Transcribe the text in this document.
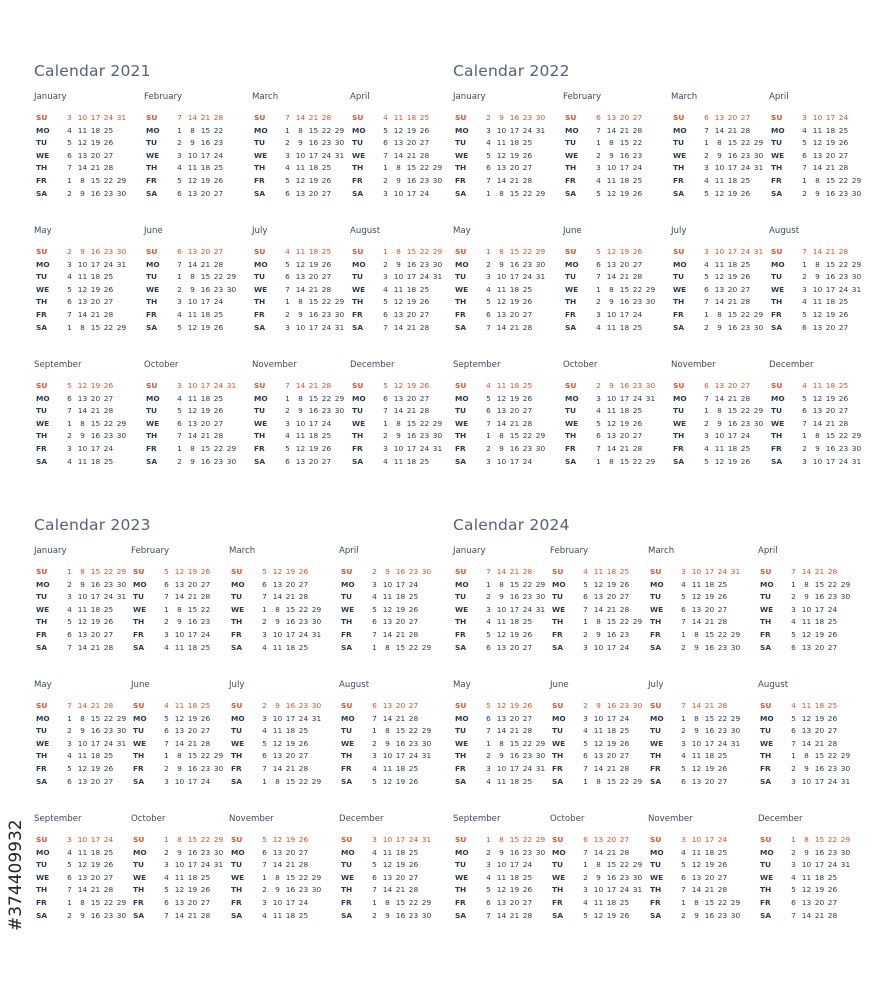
Calendar 2021
January
SU	3 10 17 24 31
MO 4 11 18 25
TU	5 12 19 26
WE 6 13 20 27
TH	7 14 21 28
FR	1 8 15 22 29
SA	2 9 16 23 30
February
SU	7 14 21 28
MO 1 8 15 22
TU	2 9 16 23
WE 3 10 17 24
TH	4 11 18 25
FR	5 12 19 26
SA	6 13 20 27
March
SU	7 14 21 28
MO 1 8 15 22 29
TU	2 9 16 23 30
WE 3 10 17 24 31
TH	4 11 18 25
FR	5 12 19 26
SA	6 13 20 27
April
SU	4 11 18 25
MO 5 12 19 26
TU	6 13 20 27
WE 7 14 21 28
TH	1 8 15 22 29
FR	2 9 16 23 30
SA	3 10 17 24
May
SU	2 9 16 23 30
MO 3 10 17 24 31
TU	4 11 18 25
WE 5 12 19 26
TH	6 13 20 27
FR	7 14 21 28
SA	1 8 15 22 29
June
SU	6 13 20 27
MO 7 14 21 28
TU	1 8 15 22 29
WE 2 9 16 23 30
TH	3 10 17 24
FR	4 11 18 25
SA	5 12 19 26
July
SU	4 11 18 25
MO 5 12 19 26
TU	6 13 20 27
WE 7 14 21 28
TH	1 8 15 22 29
FR	2 9 16 23 30
SA	3 10 17 24 31
August
SU	1 8 15 22 29
MO 2 9 16 23 30
TU	3 10 17 24 31
WE 4 11 18 25
TH	5 12 19 26
FR	6 13 20 27
SA	7 14 21 28
September
SU	5 12 19 26
MO 6 13 20 27
TU	7 14 21 28
WE 1 8 15 22 29
TH	2 9 16 23 30
FR	3 10 17 24
SA	4 11 18 25
October
SU	3 10 17 24 31
MO 4 11 18 25
TU	5 12 19 26
WE 6 13 20 27
TH	7 14 21 28
FR	1 8 15 22 29
SA	2 9 16 23 30
November
SU	7 14 21 28
MO 1 8 15 22 29
TU	2 9 16 23 30
WE 3 10 17 24
TH	4 11 18 25
FR	5 12 19 26
SA	6 13 20 27
December
SU	5 12 19 26
MO 6 13 20 27
TU	7 14 21 28
WE 1 8 15 22 29
TH	2 9 16 23 30
FR	3 10 17 24 31
SA	4 11 18 25
Calendar 2022
January
SU	2 9 16 23 30
MO 3 10 17 24 31
TU	4 11 18 25
WE 5 12 19 26
TH	6 13 20 27
FR	7 14 21 28
SA	1 8 15 22 29
February
SU	6 13 20 27
MO 7 14 21 28
TU	1 8 15 22
WE 2 9 16 23
TH	3 10 17 24
FR	4 11 18 25
SA	5 12 19 26
March
SU	6 13 20 27
MO 7 14 21 28
TU	1 8 15 22 29
WE 2 9 16 23 30
TH	3 10 17 24 31
FR	4 11 18 25
SA	5 12 19 26
April
SU	3 10 17 24
MO 4 11 18 25
TU	5 12 19 26
WE 6 13 20 27
TH	7 14 21 28
FR	1 8 15 22 29
SA	2 9 16 23 30
May
SU	1 8 15 22 29
MO 2 9 16 23 30
TU	3 10 17 24 31
WE 4 11 18 25
TH	5 12 19 26
FR	6 13 20 27
SA	7 14 21 28
June
SU	5 12 19 26
MO 6 13 20 27
TU	7 14 21 28
WE 1 8 15 22 29
TH	2 9 16 23 30
FR	3 10 17 24
SA	4 11 18 25
July
SU	3 10 17 24 31
MO 4 11 18 25
TU	5 12 19 26
WE 6 13 20 27
TH	7 14 21 28
FR	1 8 15 22 29
SA	2 9 16 23 30
August
SU	7 14 21 28
MO 1 8 15 22 29
TU	2 9 16 23 30
WE 3 10 17 24 31
TH	4 11 18 25
FR	5 12 19 26
SA	6 13 20 27
September
SU	4 11 18 25
MO 5 12 19 26
TU	6 13 20 27
WE 7 14 21 28
TH	1 8 15 22 29
FR	2 9 16 23 30
SA	3 10 17 24
October
SU	2 9 16 23 30
MO 3 10 17 24 31
TU	4 11 18 25
WE 5 12 19 26
TH	6 13 20 27
FR	7 14 21 28
SA	1 8 15 22 29
November
SU	6 13 20 27
MO 7 14 21 28
TU	1 8 15 22 29
WE 2 9 16 23 30
TH	3 10 17 24
FR	4 11 18 25
SA	5 12 19 26
December
SU	4 11 18 25
MO 5 12 19 26
TU	6 13 20 27
WE 7 14 21 28
TH	1 8 15 22 29
FR	2 9 16 23 30
SA	3 10 17 24 31
Calendar 2023
January
SU	1 8 15 22 29
MO 2 9 16 23 30
TU	3 10 17 24 31
WE 4 11 18 25
TH	5 12 19 26
FR	6 13 20 27
SA	7 14 21 28
February
SU	5 12 19 26
MO 6 13 20 27
TU	7 14 21 28
WE 1 8 15 22
TH	2 9 16 23
FR	3 10 17 24
SA	4 11 18 25
March
SU	5 12 19 26
MO 6 13 20 27
TU	7 14 21 28
WE 1 8 15 22 29
TH	2 9 16 23 30
FR	3 10 17 24 31
SA	4 11 18 25
April
SU	2 9 16 23 30
MO 3 10 17 24
TU	4 11 18 25
WE 5 12 19 26
TH	6 13 20 27
FR	7 14 21 28
SA	1 8 15 22 29
May
SU	7 14 21 28
MO 1 8 15 22 29
TU	2 9 16 23 30
WE 3 10 17 24 31
TH	4 11 18 25
FR	5 12 19 26
SA	6 13 20 27
June
SU	4 11 18 25
MO 5 12 19 26
TU	6 13 20 27
WE 7 14 21 28
TH	1 8 15 22 29
FR	2 9 16 23 30
SA	3 10 17 24
July
SU	2 9 16 23 30
MO 3 10 17 24 31
TU	4 11 18 25
WE 5 12 19 26
TH	6 13 20 27
FR	7 14 21 28
SA	1 8 15 22 29
August
SU	6 13 20 27
MO 7 14 21 28
TU	1 8 15 22 29
WE 2 9 16 23 30
TH	3 10 17 24 31
FR	4 11 18 25
SA	5 12 19 26
September
SU	3 10 17 24
MO 4 11 18 25
TU	5 12 19 26
WE 6 13 20 27
TH	7 14 21 28
FR	1 8 15 22 29
SA	2 9 16 23 30
October
SU	1 8 15 22 29
MO 2 9 16 23 30
TU	3 10 17 24 31
WE 4 11 18 25
TH	5 12 19 26
FR	6 13 20 27
SA	7 14 21 28
November
SU	5 12 19 26
MO 6 13 20 27
TU	7 14 21 28
WE 1 8 15 22 29
TH	2 9 16 23 30
FR	3 10 17 24
SA	4 11 18 25
December
SU	3 10 17 24 31
MO 4 11 18 25
TU	5 12 19 26
WE 6 13 20 27
TH	7 14 21 28
FR	1 8 15 22 29
SA	2 9 16 23 30
Calendar 2024
January
SU	7 14 21 28
MO 1 8 15 22 29
TU	2 9 16 23 30
WE 3 10 17 24 31
TH	4 11 18 25
FR	5 12 19 26
SA	6 13 20 27
February
SU	4 11 18 25
MO 5 12 19 26
TU	6 13 20 27
WE 7 14 21 28
TH	1 8 15 22 29
FR	2 9 16 23
SA	3 10 17 24
March
SU	3 10 17 24 31
MO 4 11 18 25
TU	5 12 19 26
WE 6 13 20 27
TH	7 14 21 28
FR	1 8 15 22 29
SA	2 9 16 23 30
April
SU	7 14 21 28
MO 1 8 15 22 29
TU	2 9 16 23 30
WE 3 10 17 24
TH	4 11 18 25
FR	5 12 19 26
SA	6 13 20 27
May
SU	5 12 19 26
MO 6 13 20 27
TU	7 14 21 28
WE 1 8 15 22 29
TH	2 9 16 23 30
FR	3 10 17 24 31
SA	4 11 18 25
June
SU	2 9 16 23 30
MO 3 10 17 24
TU	4 11 18 25
WE 5 12 19 26
TH	6 13 20 27
FR	7 14 21 28
SA	1 8 15 22 29
July
SU	7 14 21 28
MO 1 8 15 22 29
TU	2 9 16 23 30
WE 3 10 17 24 31
TH	4 11 18 25
FR	5 12 19 26
SA	6 13 20 27
August
SU	4 11 18 25
MO 5 12 19 26
TU	6 13 20 27
WE 7 14 21 28
TH	1 8 15 22 29
FR	2 9 16 23 30
SA	3 10 17 24 31
September
SU	1 8 15 22 29
MO 2 9 16 23 30
TU	3 10 17 24
WE 4 11 18 25
TH	5 12 19 26
FR	6 13 20 27
SA	7 14 21 28
October
SU	6 13 20 27
MO 7 14 21 28
TU	1 8 15 22 29
WE 2 9 16 23 30
TH	3 10 17 24 31
FR	4 11 18 25
SA	5 12 19 26
November
SU	3 10 17 24
MO 4 11 18 25
TU	5 12 19 26
WE 6 13 20 27
TH	7 14 21 28
FR	1 8 15 22 29
SA	2 9 16 23 30
December
SU	1 8 15 22 29
MO 2 9 16 23 30
TU	3 10 17 24 31
WE 4 11 18 25
TH	5 12 19 26
FR	6 13 20 27
SA	7 14 21 28
#374409932
